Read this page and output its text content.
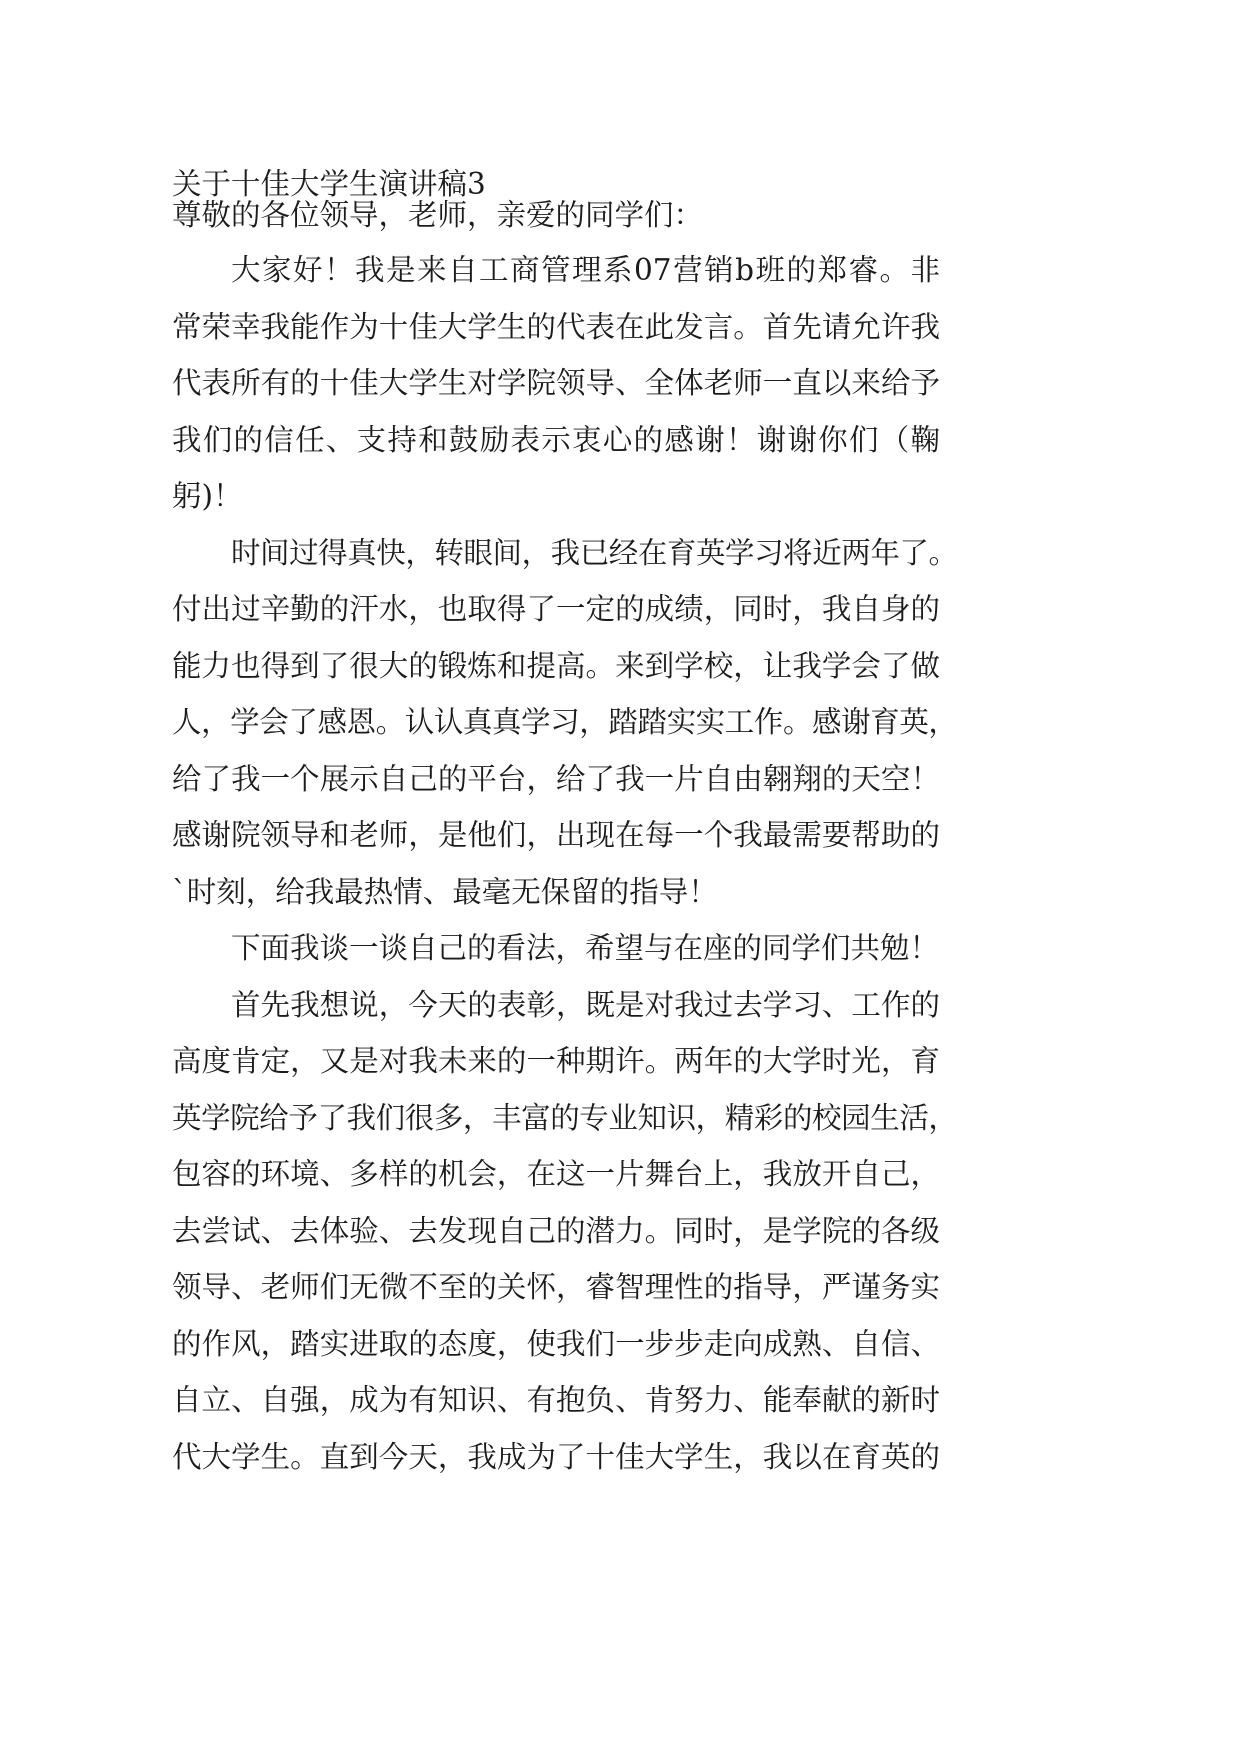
关于十佳大学生演讲稿3
尊敬的各位领导，老师，亲爱的同学们：
大家好！我是来自工商管理系07营销b班的郑睿。非
常荣幸我能作为十佳大学生的代表在此发言。首先请允许我
代表所有的十佳大学生对学院领导、全体老师一直以来给予
我们的信任、支持和鼓励表示衷心的感谢！谢谢你们（鞠
躬)！
时间过得真快，转眼间，我已经在育英学习将近两年了。
付出过辛勤的汗水，也取得了一定的成绩，同时，我自身的
能力也得到了很大的锻炼和提高。来到学校，让我学会了做
人，学会了感恩。认认真真学习，踏踏实实工作。感谢育英，
给了我一个展示自己的平台，给了我一片自由翱翔的天空！
感谢院领导和老师，是他们，出现在每一个我最需要帮助的
`时刻，给我最热情、最毫无保留的指导！
下面我谈一谈自己的看法，希望与在座的同学们共勉！
首先我想说，今天的表彰，既是对我过去学习、工作的
高度肯定，又是对我未来的一种期许。两年的大学时光，育
英学院给予了我们很多，丰富的专业知识，精彩的校园生活，
包容的环境、多样的机会，在这一片舞台上，我放开自己，
去尝试、去体验、去发现自己的潜力。同时，是学院的各级
领导、老师们无微不至的关怀，睿智理性的指导，严谨务实
的作风，踏实进取的态度，使我们一步步走向成熟、自信、
自立、自强，成为有知识、有抱负、肯努力、能奉献的新时
代大学生。直到今天，我成为了十佳大学生，我以在育英的
